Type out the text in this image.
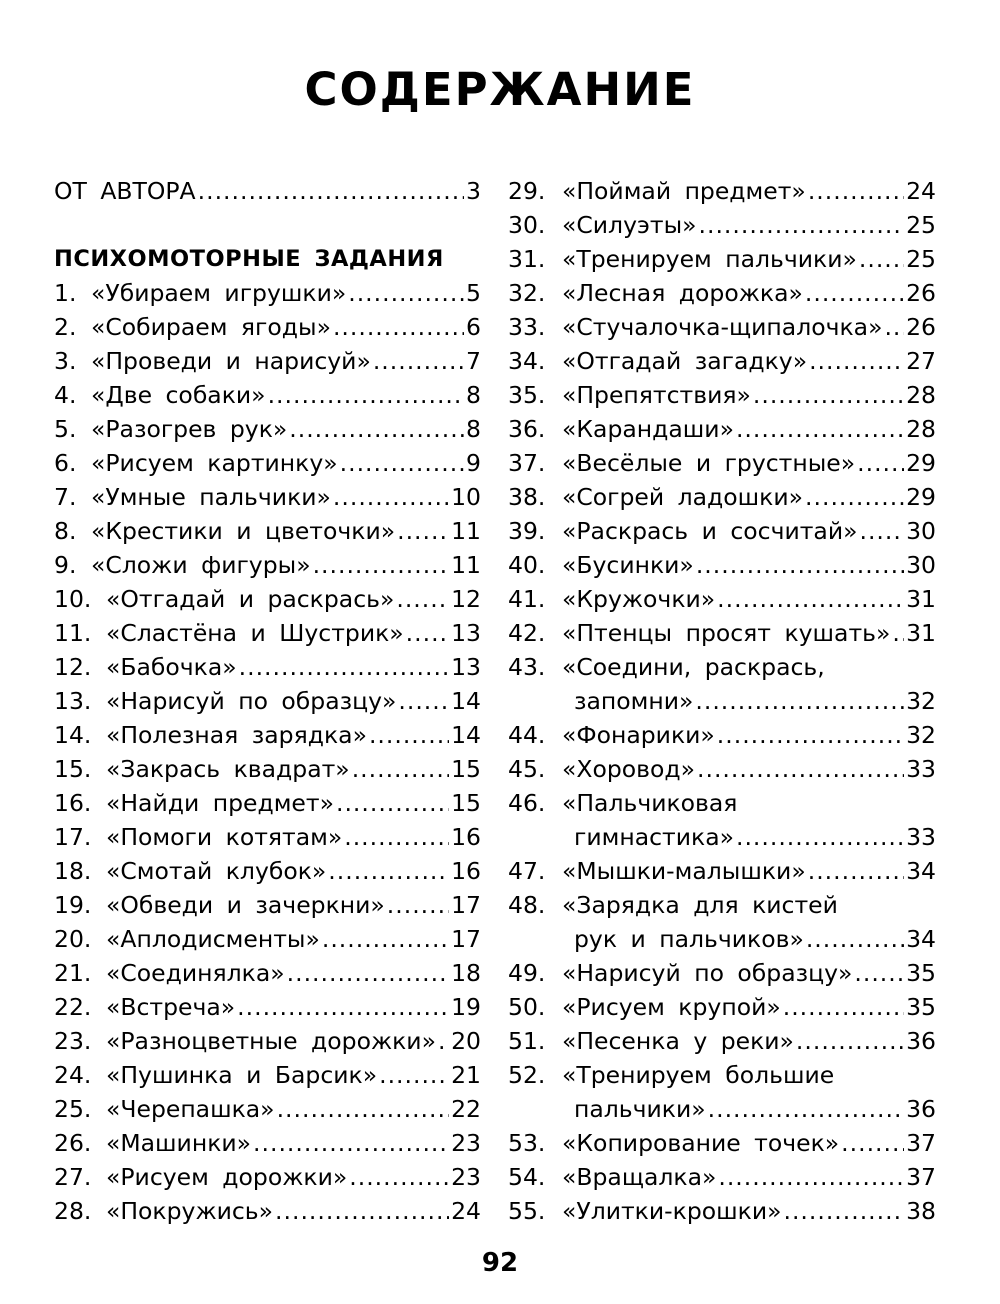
СОДЕРЖАНИЕ
ОТ АВТОРА .....	3
ПСИХОМОТОРНЫЕ ЗАДАНИЯ
1. «Убираем игрушки» .....	5
2. «Собираем ягоды» .....	6
3. «Проведи и нарисуй» .....	7
4. «Две собаки» .....	8
5. «Разогрев рук» .....	8
6. «Рисуем картинку» .....	9
7. «Умные пальчики» .....	10
8. «Крестики и цветочки» ..... 11
9. «Сложи фигуры» .....	11
10. «Отгадай и раскрась» ..... 12
11. «Сластёна и Шустрик» ..... 13
12. «Бабочка» .....	13
13. «Нарисуй по образцу» ..... 14
14. «Полезная зарядка» .....	14
15. «Закрась квадрат» .....	15
16. «Найди предмет» .....	15
17. «Помоги котятам» .....	16
18. «Смотай клубок» .....	16
19. «Обведи и зачеркни» .....	17
20. «Аплодисменты» .....	17
21. «Соединялка» .....	18
22. «Встреча» .....	19
23. «Разноцветные дорожки» ..... 20
24. «Пушинка и Барсик» .....	21
25. «Черепашка» .....	22
26. «Машинки» .....	23
27. «Рисуем дорожки» .....	23
28. «Покружись» .....	24
29. «Поймай предмет» .....	24
30. «Силуэты» .....	25
31. «Тренируем пальчики» ..... 25
32. «Лесная дорожка» .....	26
33. «Стучалочка-щипалочка» ..... 26
34. «Отгадай загадку» .....	27
35. «Препятствия» .....	28
36. «Карандаши» .....	28
37. «Весёлые и грустные» ..... 29
38. «Согрей ладошки» .....	29
39. «Раскрась и сосчитай» ..... 30
40. «Бусинки» .....	30
41. «Кружочки» .....	31
42. «Птенцы просят кушать» ..... 31
43. «Соедини, раскрась,
запомни» .....	32
44. «Фонарики» .....	32
45. «Хоровод» .....	33
46. «Пальчиковая
гимнастика» .....	33
47. «Мышки-малышки» .....	34
48. «Зарядка для кистей
рук и пальчиков» .....	34
49. «Нарисуй по образцу» ..... 35
50. «Рисуем крупой» .....	35
51. «Песенка у реки» .....	36
52. «Тренируем большие
пальчики» .....	36
53. «Копирование точек» .....	37
54. «Вращалка» .....	37
55. «Улитки-крошки» .....	38
92
